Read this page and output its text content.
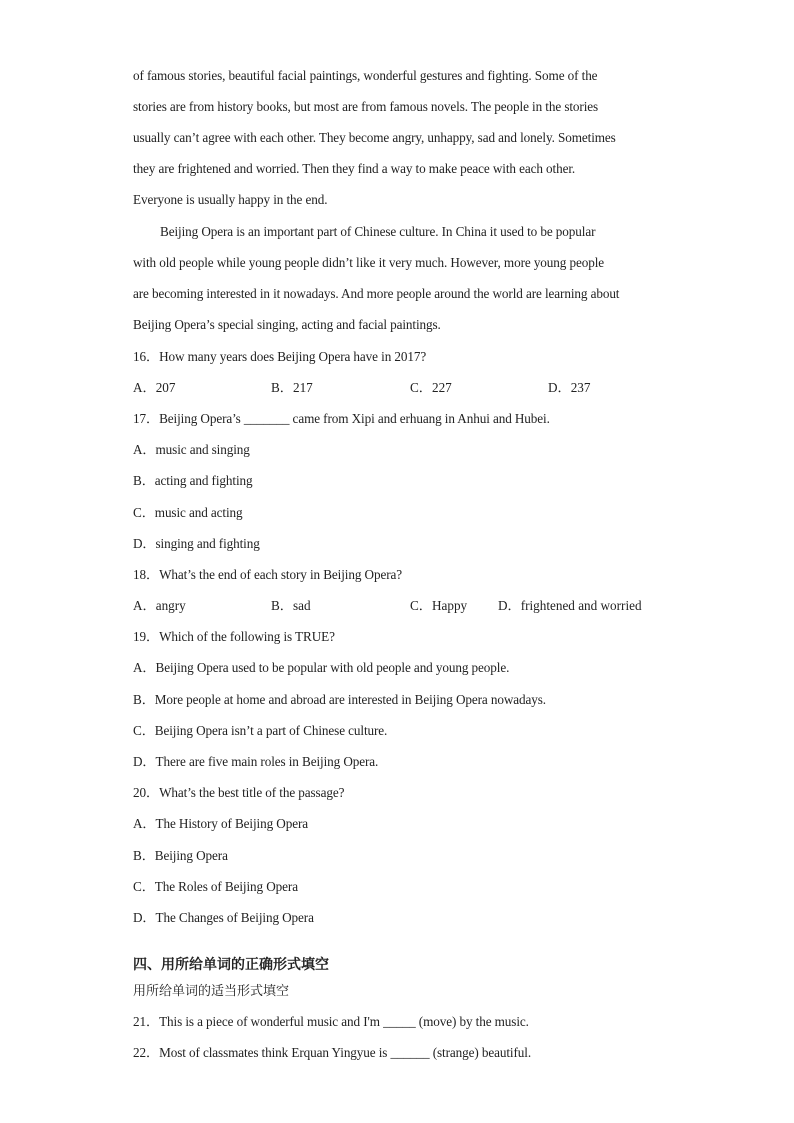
of famous stories, beautiful facial paintings, wonderful gestures and fighting. Some of the
stories are from history books, but most are from famous novels. The people in the stories
usually can’t agree with each other. They become angry, unhappy, sad and lonely. Sometimes
they are frightened and worried. Then they find a way to make peace with each other.
Everyone is usually happy in the end.
Beijing Opera is an important part of Chinese culture. In China it used to be popular
with old people while young people didn’t like it very much. However, more young people
are becoming interested in it nowadays. And more people around the world are learning about
Beijing Opera’s special singing, acting and facial paintings.
16．How many years does Beijing Opera have in 2017?
A．207	B．217	C．227	D．237
17．Beijing Opera’s _______ came from Xipi and erhuang in Anhui and Hubei.
A．music and singing
B．acting and fighting
C．music and acting
D．singing and fighting
18．What’s the end of each story in Beijing Opera?
A．angry	B．sad	C．Happy D．frightened and worried
19．Which of the following is TRUE?
A．Beijing Opera used to be popular with old people and young people.
B．More people at home and abroad are interested in Beijing Opera nowadays.
C．Beijing Opera isn’t a part of Chinese culture.
D．There are five main roles in Beijing Opera.
20．What’s the best title of the passage?
A．The History of Beijing Opera
B．Beijing Opera
C．The Roles of Beijing Opera
D．The Changes of Beijing Opera
四、用所给单词的正确形式填空
用所给单词的适当形式填空
21．This is a piece of wonderful music and I'm _____ (move) by the music.
22．Most of classmates think Erquan Yingyue is ______ (strange) beautiful.
